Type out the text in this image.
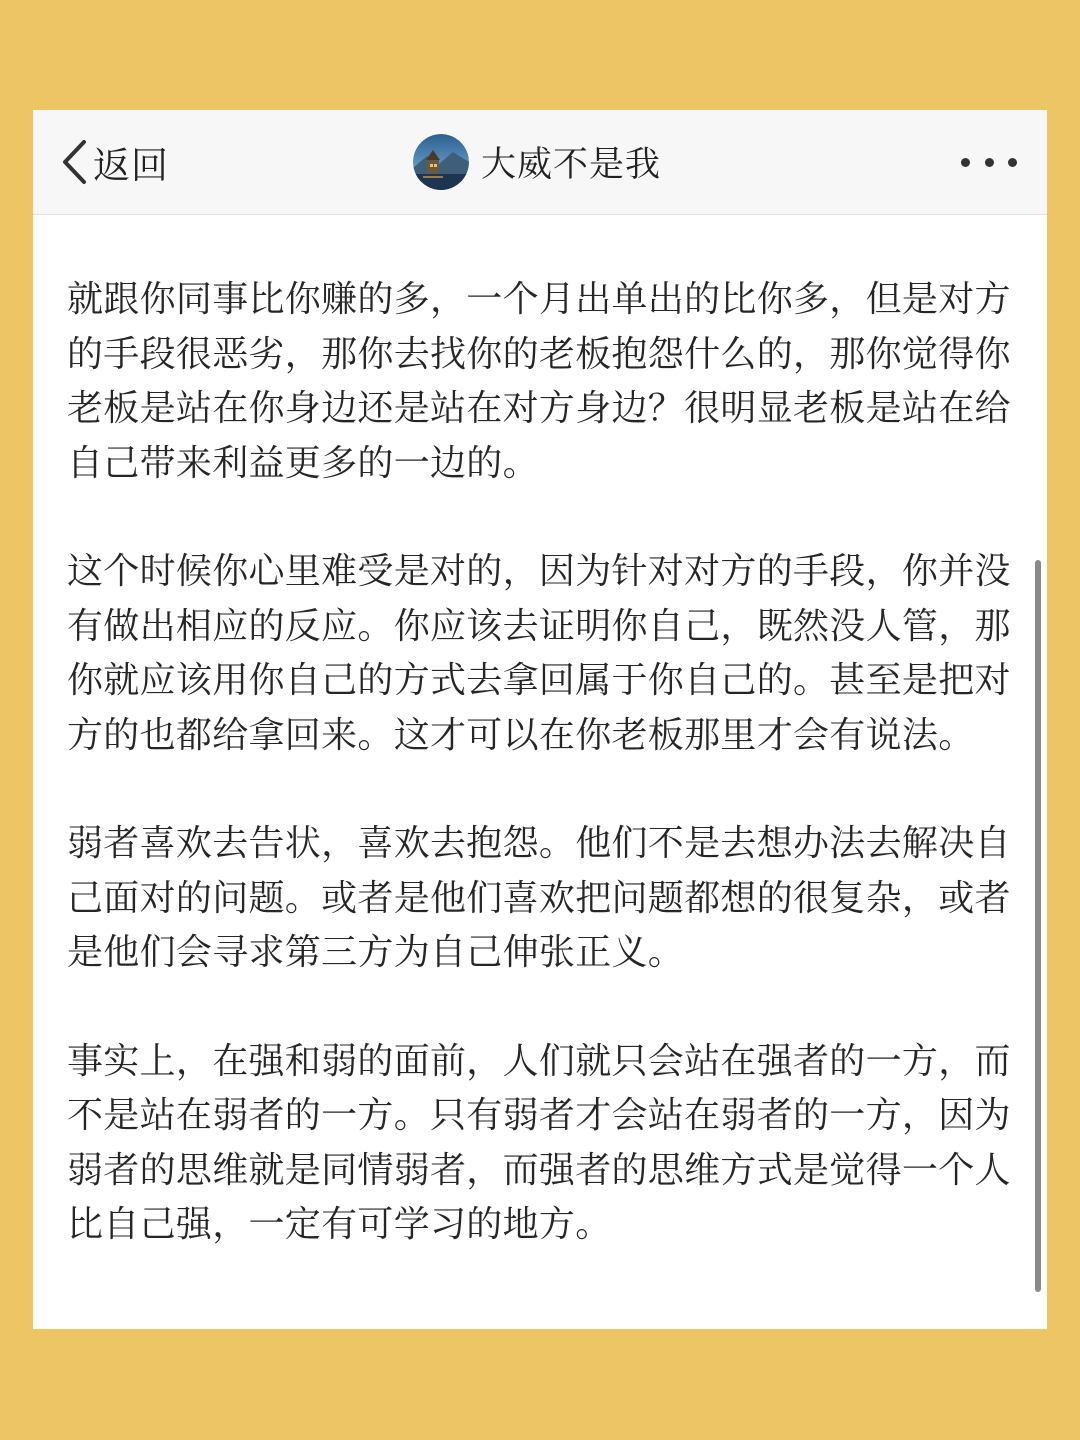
返回	大威不是我

就跟你同事比你赚的多，一个月出单出的比你多，但是对方的手段很恶劣，那你去找你的老板抱怨什么的，那你觉得你老板是站在你身边还是站在对方身边？很明显老板是站在给自己带来利益更多的一边的。

这个时候你心里难受是对的，因为针对对方的手段，你并没有做出相应的反应。你应该去证明你自己，既然没人管，那你就应该用你自己的方式去拿回属于你自己的。甚至是把对方的也都给拿回来。这才可以在你老板那里才会有说法。

弱者喜欢去告状，喜欢去抱怨。他们不是去想办法去解决自己面对的问题。或者是他们喜欢把问题都想的很复杂，或者是他们会寻求第三方为自己伸张正义。

事实上，在强和弱的面前，人们就只会站在强者的一方，而不是站在弱者的一方。只有弱者才会站在弱者的一方，因为弱者的思维就是同情弱者，而强者的思维方式是觉得一个人比自己强，一定有可学习的地方。
